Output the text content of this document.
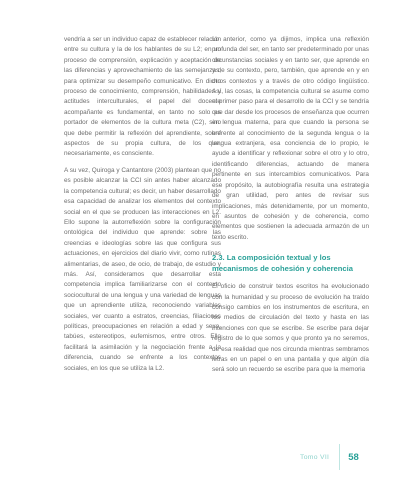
vendría a ser un individuo capaz de establecer relación entre su cultura y la de los hablantes de su L2; en un proceso de comprensión, explicación y aceptación de las diferencias y aprovechamiento de las semejanzas, para optimizar su desempeño comunicativo. En dicho proceso de conocimiento, comprensión, habilidades y actitudes interculturales, el papel del docente acompañante es fundamental, en tanto no solo es portador de elementos de la cultura meta (C2), sino que debe permitir la reflexión del aprendiente, sobre aspectos de su propia cultura, de los que, necesariamente, es consciente.

A su vez, Quiroga y Cantantore (2003) plantean que no es posible alcanzar la CCI sin antes haber alcanzado la competencia cultural; es decir, un haber desarrollado esa capacidad de analizar los elementos del contexto social en el que se producen las interacciones en L2. Ello supone la autorreflexión sobre la configuración ontológica del individuo que aprende: sobre las creencias e ideologías sobre las que configura sus actuaciones, en ejercicios del diario vivir, como rutinas alimentarias, de aseo, de ocio, de trabajo, de estudio y más. Así, consideramos que desarrollar esta competencia implica familiarizarse con el contexto sociocultural de una lengua y una variedad de lenguas que un aprendiente utiliza, reconociendo variables sociales, ver cuanto a estratos, creencias, filiaciones políticas, preocupaciones en relación a edad y sexo, tabúes, estereotipos, eufemismos, entre otros. Ello facilitará la asimilación y la negociación frente a la diferencia, cuando se enfrente a los contextos sociales, en los que se utiliza la L2.

Lo anterior, como ya dijimos, implica una reflexión profunda del ser, en tanto ser predeterminado por unas circunstancias sociales y en tanto ser, que aprende en y de su contexto, pero, también, que aprende en y en otros contextos y a través de otro código lingüístico. Así, las cosas, la competencia cultural se asume como el primer paso para el desarrollo de la CCI y se tendría que dar desde los procesos de enseñanza que ocurren en lengua materna, para que cuando la persona se enfrente al conocimiento de la segunda lengua o la lengua extranjera, esa conciencia de lo propio, le ayude a identificar y reflexionar sobre el otro y lo otro, identificando diferencias, actuando de manera pertinente en sus intercambios comunicativos. Para ese propósito, la autobiografía resulta una estrategia de gran utilidad, pero antes de revisar sus implicaciones, más detenidamente, por un momento, en asuntos de cohesión y de coherencia, como elementos que sostienen la adecuada armazón de un texto escrito.

2.3. La composición textual y los mecanismos de cohesión y coherencia

El oficio de construir textos escritos ha evolucionado con la humanidad y su proceso de evolución ha traído consigo cambios en los instrumentos de escritura, en los medios de circulación del texto y hasta en las intenciones con que se escribe. Se escribe para dejar registro de lo que somos y que pronto ya no seremos, de esa realidad que nos circunda mientras sembramos letras en un papel o en una pantalla y que algún día será solo un recuerdo se escribe para que la memoria

Tomo VII 58
